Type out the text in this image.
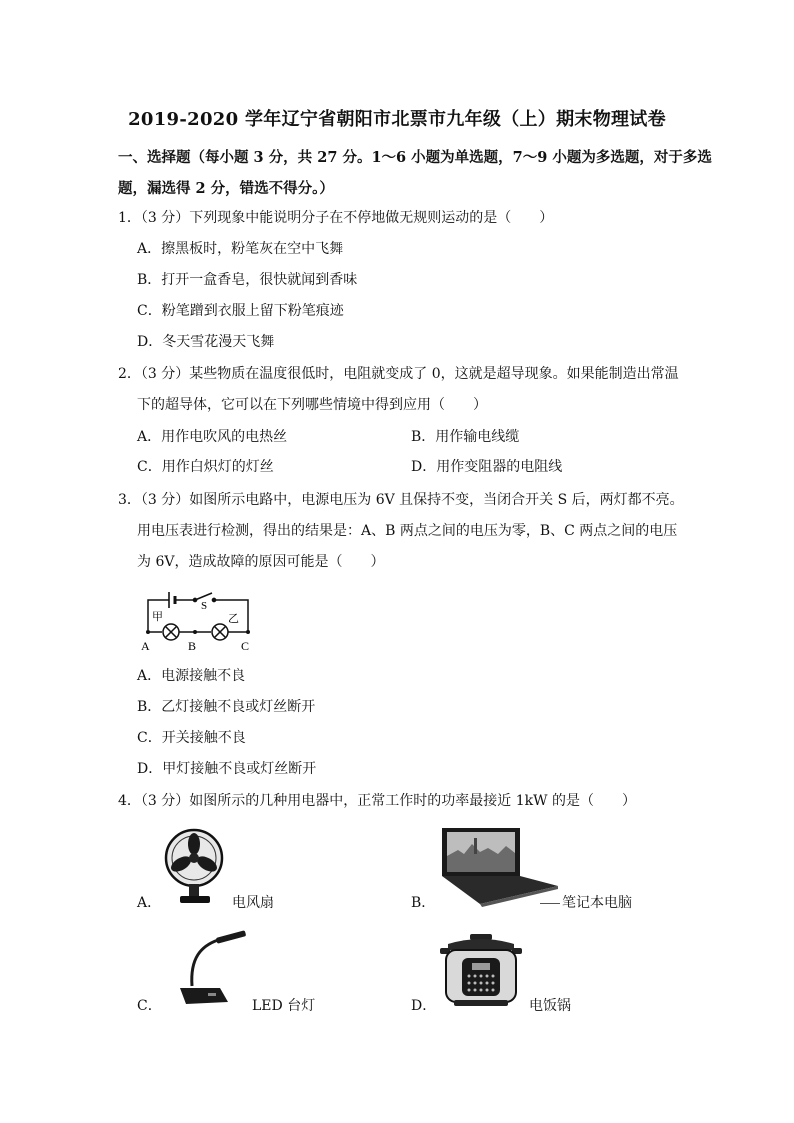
2019-2020 学年辽宁省朝阳市北票市九年级（上）期末物理试卷
一、选择题（每小题 3 分，共 27 分。1～6 小题为单选题，7～9 小题为多选题，对于多选
题，漏选得 2 分，错选不得分。）
1．（3 分）下列现象中能说明分子在不停地做无规则运动的是（　　）
A．擦黑板时，粉笔灰在空中飞舞
B．打开一盒香皂，很快就闻到香味
C．粉笔蹭到衣服上留下粉笔痕迹
D．冬天雪花漫天飞舞
2．（3 分）某些物质在温度很低时，电阻就变成了 0，这就是超导现象。如果能制造出常温
下的超导体，它可以在下列哪些情境中得到应用（　　）
A．用作电吹风的电热丝	B．用作输电线缆
C．用作白炽灯的灯丝	D．用作变阻器的电阻线
3．（3 分）如图所示电路中，电源电压为 6V 且保持不变，当闭合开关 S 后，两灯都不亮。
用电压表进行检测，得出的结果是：A、B 两点之间的电压为零，B、C 两点之间的电压
为 6V，造成故障的原因可能是（　　）
S
甲	乙
A	B	C
A．电源接触不良
B．乙灯接触不良或灯丝断开
C．开关接触不良
D．甲灯接触不良或灯丝断开
4．（3 分）如图所示的几种用电器中，正常工作时的功率最接近 1kW 的是（　　）
A．	电风扇	B．	笔记本电脑
C．	LED 台灯	D．	电饭锅
